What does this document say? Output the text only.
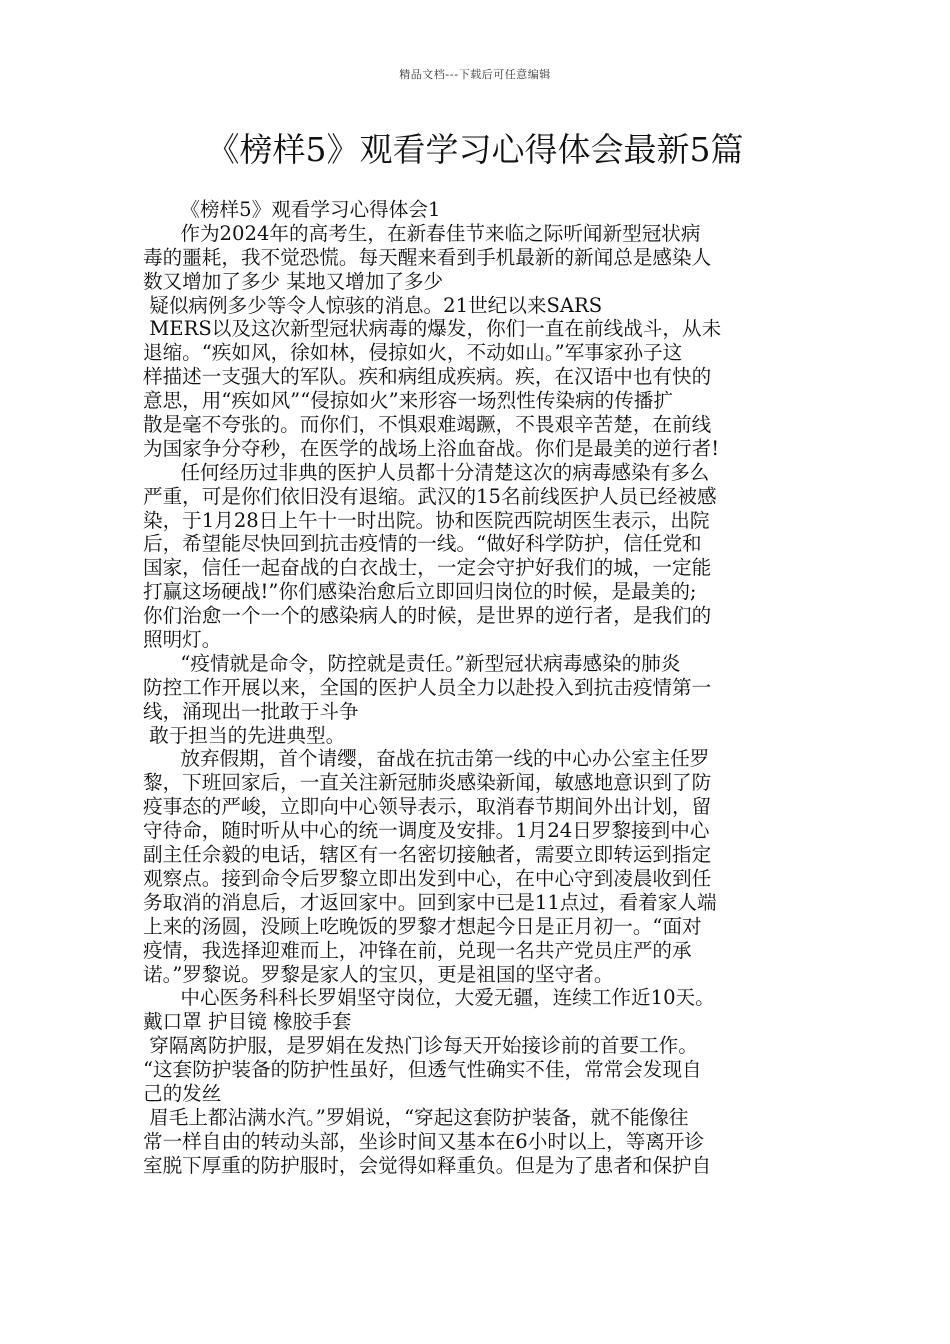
精品文档---下载后可任意编辑
《榜样5》观看学习心得体会最新5篇
《榜样5》观看学习心得体会1
作为2024年的高考生，在新春佳节来临之际听闻新型冠状病
毒的噩耗，我不觉恐慌。每天醒来看到手机最新的新闻总是感染人
数又增加了多少 某地又增加了多少
疑似病例多少等令人惊骇的消息。21世纪以来SARS
MERS以及这次新型冠状病毒的爆发，你们一直在前线战斗，从未
退缩。“疾如风，徐如林，侵掠如火，不动如山。”军事家孙子这
样描述一支强大的军队。疾和病组成疾病。疾，在汉语中也有快的
意思，用“疾如风”“侵掠如火”来形容一场烈性传染病的传播扩
散是毫不夸张的。而你们，不惧艰难竭蹶，不畏艰辛苦楚，在前线
为国家争分夺秒，在医学的战场上浴血奋战。你们是最美的逆行者!
任何经历过非典的医护人员都十分清楚这次的病毒感染有多么
严重，可是你们依旧没有退缩。武汉的15名前线医护人员已经被感
染，于1月28日上午十一时出院。协和医院西院胡医生表示，出院
后，希望能尽快回到抗击疫情的一线。“做好科学防护，信任党和
国家，信任一起奋战的白衣战士，一定会守护好我们的城，一定能
打赢这场硬战!”你们感染治愈后立即回归岗位的时候，是最美的;
你们治愈一个一个的感染病人的时候，是世界的逆行者，是我们的
照明灯。
“疫情就是命令，防控就是责任。”新型冠状病毒感染的肺炎
防控工作开展以来，全国的医护人员全力以赴投入到抗击疫情第一
线，涌现出一批敢于斗争
敢于担当的先进典型。
放弃假期，首个请缨，奋战在抗击第一线的中心办公室主任罗
黎，下班回家后，一直关注新冠肺炎感染新闻，敏感地意识到了防
疫事态的严峻，立即向中心领导表示，取消春节期间外出计划，留
守待命，随时听从中心的统一调度及安排。1月24日罗黎接到中心
副主任佘毅的电话，辖区有一名密切接触者，需要立即转运到指定
观察点。接到命令后罗黎立即出发到中心，在中心守到凌晨收到任
务取消的消息后，才返回家中。回到家中已是11点过，看着家人端
上来的汤圆，没顾上吃晚饭的罗黎才想起今日是正月初一。“面对
疫情，我选择迎难而上，冲锋在前，兑现一名共产党员庄严的承
诺。”罗黎说。罗黎是家人的宝贝，更是祖国的坚守者。
中心医务科科长罗娟坚守岗位，大爱无疆，连续工作近10天。
戴口罩 护目镜 橡胶手套
穿隔离防护服，是罗娟在发热门诊每天开始接诊前的首要工作。
“这套防护装备的防护性虽好，但透气性确实不佳，常常会发现自
己的发丝
眉毛上都沾满水汽。”罗娟说，“穿起这套防护装备，就不能像往
常一样自由的转动头部，坐诊时间又基本在6小时以上，等离开诊
室脱下厚重的防护服时，会觉得如释重负。但是为了患者和保护自
